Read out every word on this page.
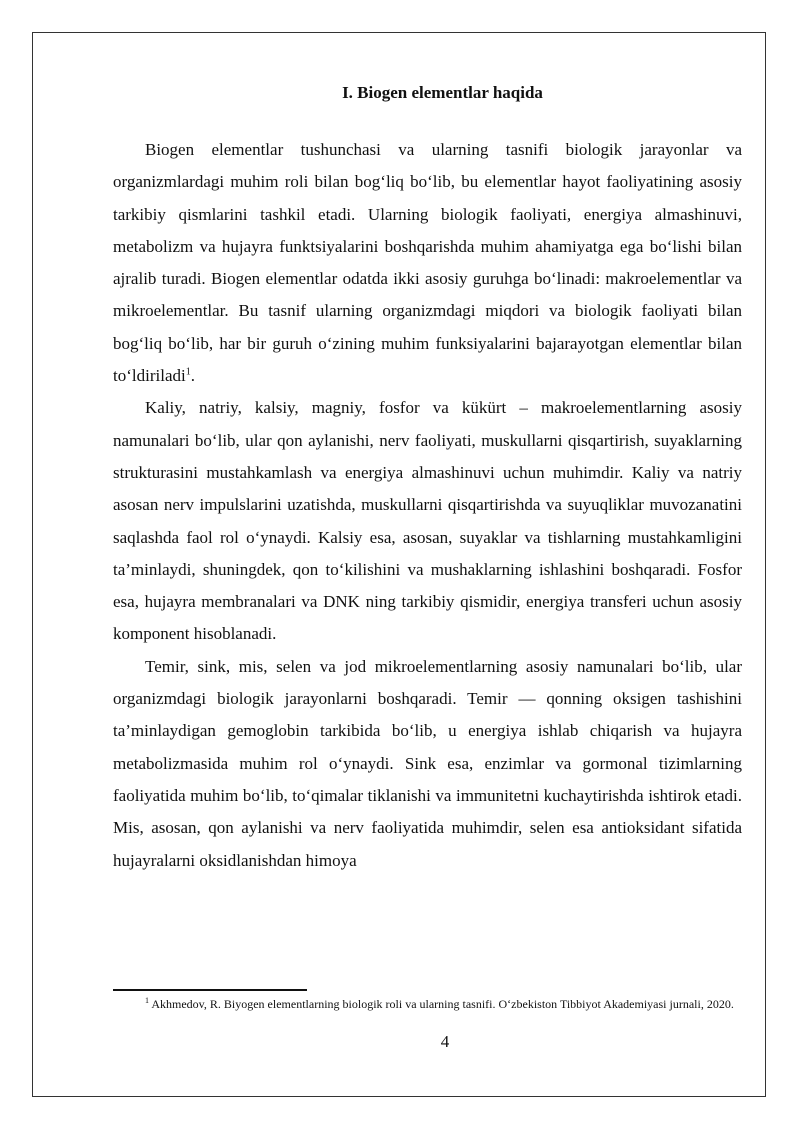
I. Biogen elementlar haqida

Biogen elementlar tushunchasi va ularning tasnifi biologik jarayonlar va organizmlardagi muhim roli bilan bog‘liq bo‘lib, bu elementlar hayot faoliyatining asosiy tarkibiy qismlarini tashkil etadi. Ularning biologik faoliyati, energiya almashinuvi, metabolizm va hujayra funktsiyalarini boshqarishda muhim ahamiyatga ega bo‘lishi bilan ajralib turadi. Biogen elementlar odatda ikki asosiy guruhga bo‘linadi: makroelementlar va mikroelementlar. Bu tasnif ularning organizmdagi miqdori va biologik faoliyati bilan bog‘liq bo‘lib, har bir guruh o‘zining muhim funksiyalarini bajarayotgan elementlar bilan to‘ldiriladi$^1$.

Kaliy, natriy, kalsiy, magniy, fosfor va kükürt – makroelementlarning asosiy namunalari bo‘lib, ular qon aylanishi, nerv faoliyati, muskullarni qisqartirish, suyaklarning strukturasini mustahkamlash va energiya almashinuvi uchun muhimdir. Kaliy va natriy asosan nerv impulslarini uzatishda, muskullarni qisqartirishda va suyuqliklar muvozanatini saqlashda faol rol o‘ynaydi. Kalsiy esa, asosan, suyaklar va tishlarning mustahkamligini ta’minlaydi, shuningdek, qon to‘kilishini va mushaklarning ishlashini boshqaradi. Fosfor esa, hujayra membranalari va DNK ning tarkibiy qismidir, energiya transferi uchun asosiy komponent hisoblanadi.

Temir, sink, mis, selen va jod mikroelementlarning asosiy namunalari bo‘lib, ular organizmdagi biologik jarayonlarni boshqaradi. Temir — qonning oksigen tashishini ta’minlaydigan gemoglobin tarkibida bo‘lib, u energiya ishlab chiqarish va hujayra metabolizmasida muhim rol o‘ynaydi. Sink esa, enzimlar va gormonal tizimlarning faoliyatida muhim bo‘lib, to‘qimalar tiklanishi va immunitetni kuchaytirishda ishtirok etadi. Mis, asosan, qon aylanishi va nerv faoliyatida muhimdir, selen esa antioksidant sifatida hujayralarni oksidlanishdan himoya

$^1$ Akhmedov, R. Biyogen elementlarning biologik roli va ularning tasnifi. O‘zbekiston Tibbiyot Akademiyasi jurnali, 2020.

4
